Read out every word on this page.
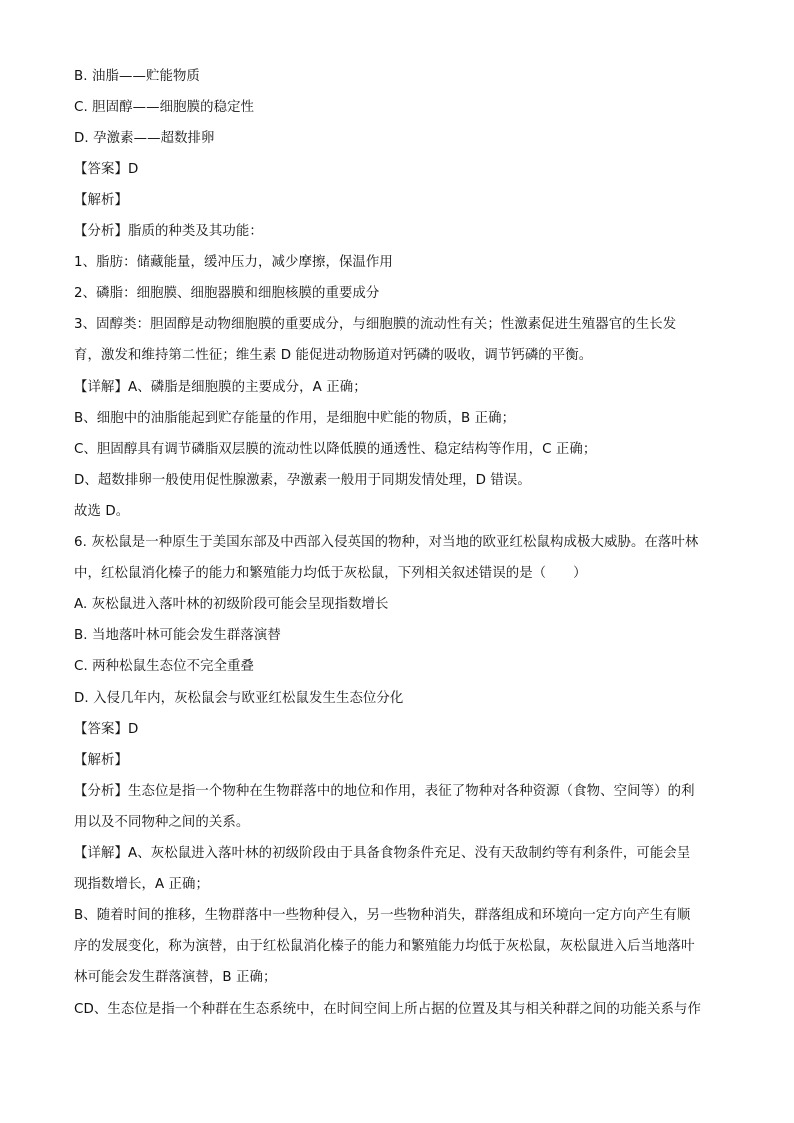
B. 油脂——贮能物质
C. 胆固醇——细胞膜的稳定性
D. 孕激素——超数排卵
【答案】D
【解析】
【分析】脂质的种类及其功能：
1、脂肪：储藏能量，缓冲压力，减少摩擦，保温作用
2、磷脂：细胞膜、细胞器膜和细胞核膜的重要成分
3、固醇类：胆固醇是动物细胞膜的重要成分，与细胞膜的流动性有关；性激素促进生殖器官的生长发
育，激发和维持第二性征；维生素 D 能促进动物肠道对钙磷的吸收，调节钙磷的平衡。
【详解】A、磷脂是细胞膜的主要成分，A 正确；
B、细胞中的油脂能起到贮存能量的作用，是细胞中贮能的物质，B 正确；
C、胆固醇具有调节磷脂双层膜的流动性以降低膜的通透性、稳定结构等作用，C 正确；
D、超数排卵一般使用促性腺激素，孕激素一般用于同期发情处理，D 错误。
故选 D。
6. 灰松鼠是一种原生于美国东部及中西部入侵英国的物种，对当地的欧亚红松鼠构成极大威胁。在落叶林
中，红松鼠消化榛子的能力和繁殖能力均低于灰松鼠，下列相关叙述错误的是（　　）
A. 灰松鼠进入落叶林的初级阶段可能会呈现指数增长
B. 当地落叶林可能会发生群落演替
C. 两种松鼠生态位不完全重叠
D. 入侵几年内，灰松鼠会与欧亚红松鼠发生生态位分化
【答案】D
【解析】
【分析】生态位是指一个物种在生物群落中的地位和作用，表征了物种对各种资源（食物、空间等）的利
用以及不同物种之间的关系。
【详解】A、灰松鼠进入落叶林的初级阶段由于具备食物条件充足、没有天敌制约等有利条件，可能会呈
现指数增长，A 正确；
B、随着时间的推移，生物群落中一些物种侵入，另一些物种消失，群落组成和环境向一定方向产生有顺
序的发展变化，称为演替，由于红松鼠消化榛子的能力和繁殖能力均低于灰松鼠，灰松鼠进入后当地落叶
林可能会发生群落演替，B 正确；
CD、生态位是指一个种群在生态系统中，在时间空间上所占据的位置及其与相关种群之间的功能关系与作
